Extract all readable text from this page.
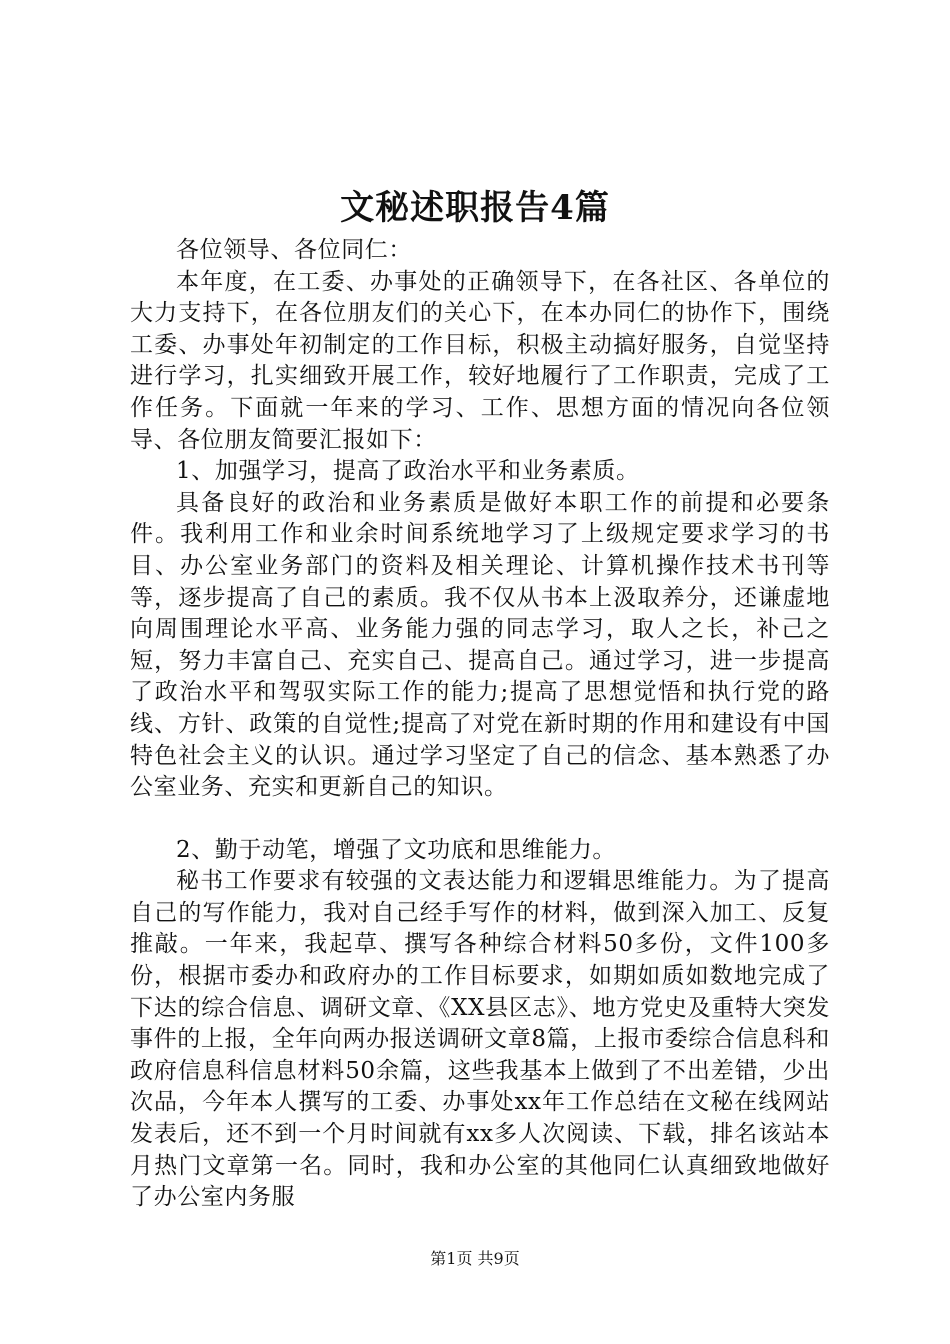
文秘述职报告4篇

各位领导、各位同仁：

本年度，在工委、办事处的正确领导下，在各社区、各单位的大力支持下，在各位朋友们的关心下，在本办同仁的协作下，围绕工委、办事处年初制定的工作目标，积极主动搞好服务，自觉坚持进行学习，扎实细致开展工作，较好地履行了工作职责，完成了工作任务。下面就一年来的学习、工作、思想方面的情况向各位领导、各位朋友简要汇报如下：

1、加强学习，提高了政治水平和业务素质。

具备良好的政治和业务素质是做好本职工作的前提和必要条件。我利用工作和业余时间系统地学习了上级规定要求学习的书目、办公室业务部门的资料及相关理论、计算机操作技术书刊等等，逐步提高了自己的素质。我不仅从书本上汲取养分，还谦虚地向周围理论水平高、业务能力强的同志学习，取人之长，补己之短，努力丰富自己、充实自己、提高自己。通过学习，进一步提高了政治水平和驾驭实际工作的能力;提高了思想觉悟和执行党的路线、方针、政策的自觉性;提高了对党在新时期的作用和建设有中国特色社会主义的认识。通过学习坚定了自己的信念、基本熟悉了办公室业务、充实和更新自己的知识。

2、勤于动笔，增强了文功底和思维能力。

秘书工作要求有较强的文表达能力和逻辑思维能力。为了提高自己的写作能力，我对自己经手写作的材料，做到深入加工、反复推敲。一年来，我起草、撰写各种综合材料50多份，文件100多份，根据市委办和政府办的工作目标要求，如期如质如数地完成了下达的综合信息、调研文章、《XX县区志》、地方党史及重特大突发事件的上报，全年向两办报送调研文章8篇，上报市委综合信息科和政府信息科信息材料50余篇，这些我基本上做到了不出差错，少出次品，今年本人撰写的工委、办事处xx年工作总结在文秘在线网站发表后，还不到一个月时间就有xx多人次阅读、下载，排名该站本月热门文章第一名。同时，我和办公室的其他同仁认真细致地做好了办公室内务服

第1页 共9页
